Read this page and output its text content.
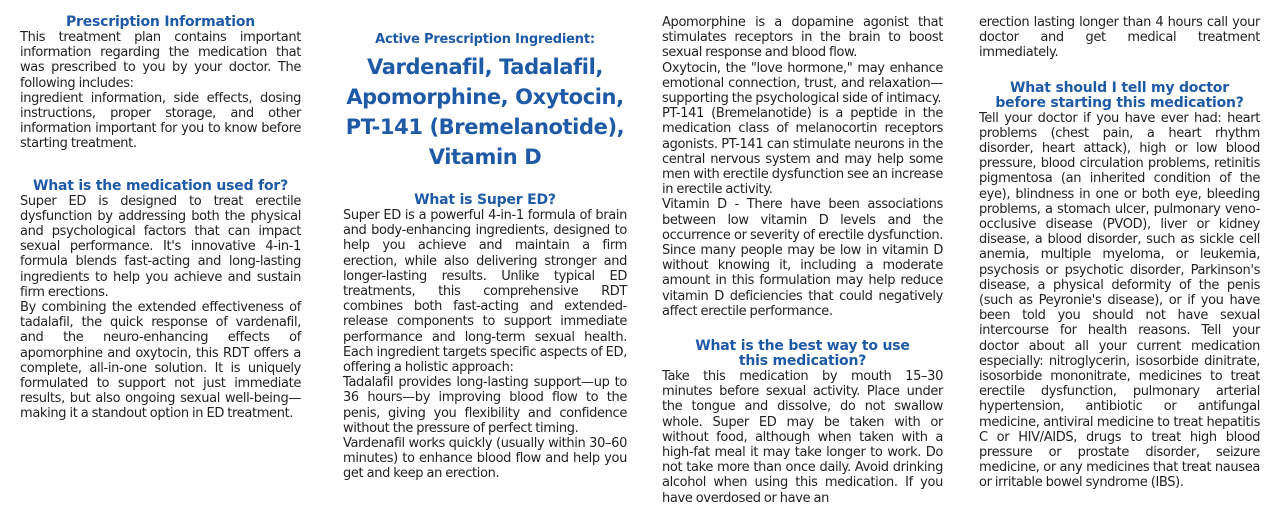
Prescription Information

This treatment plan contains important information regarding the medication that was prescribed to you by your doctor. The following includes:

ingredient information, side effects, dosing instructions, proper storage, and other information important for you to know before starting treatment.

What is the medication used for?

Super ED is designed to treat erectile dysfunction by addressing both the physical and psychological factors that can impact sexual performance. It's innovative 4-in-1 formula blends fast-acting and long-lasting ingredients to help you achieve and sustain firm erections.

By combining the extended effectiveness of tadalafil, the quick response of vardenafil, and the neuro-enhancing effects of apomorphine and oxytocin, this RDT offers a complete, all-in-one solution. It is uniquely formulated to support not just immediate results, but also ongoing sexual well-being—making it a standout option in ED treatment.

Active Prescription Ingredient:

Vardenafil, Tadalafil,

Apomorphine, Oxytocin,

PT-141 (Bremelanotide),

Vitamin D

What is Super ED?

Super ED is a powerful 4-in-1 formula of brain and body-enhancing ingredients, designed to help you achieve and maintain a firm erection, while also delivering stronger and longer-lasting results. Unlike typical ED treatments, this comprehensive RDT combines both fast-acting and extended-release components to support immediate performance and long-term sexual health. Each ingredient targets specific aspects of ED, offering a holistic approach:

Tadalafil provides long-lasting support—up to 36 hours—by improving blood flow to the penis, giving you flexibility and confidence without the pressure of perfect timing.

Vardenafil works quickly (usually within 30–60 minutes) to enhance blood flow and help you get and keep an erection.

Apomorphine is a dopamine agonist that stimulates receptors in the brain to boost sexual response and blood flow.

Oxytocin, the "love hormone," may enhance emotional connection, trust, and relaxation—supporting the psychological side of intimacy.

PT-141 (Bremelanotide) is a peptide in the medication class of melanocortin receptors agonists. PT-141 can stimulate neurons in the central nervous system and may help some men with erectile dysfunction see an increase in erectile activity.

Vitamin D - There have been associations between low vitamin D levels and the occurrence or severity of erectile dysfunction. Since many people may be low in vitamin D without knowing it, including a moderate amount in this formulation may help reduce vitamin D deficiencies that could negatively affect erectile performance.

What is the best way to use this medication?

Take this medication by mouth 15–30 minutes before sexual activity. Place under the tongue and dissolve, do not swallow whole. Super ED may be taken with or without food, although when taken with a high-fat meal it may take longer to work. Do not take more than once daily. Avoid drinking alcohol when using this medication. If you have overdosed or have an

erection lasting longer than 4 hours call your doctor and get medical treatment immediately.

What should I tell my doctor before starting this medication?

Tell your doctor if you have ever had: heart problems (chest pain, a heart rhythm disorder, heart attack), high or low blood pressure, blood circulation problems, retinitis pigmentosa (an inherited condition of the eye), blindness in one or both eye, bleeding problems, a stomach ulcer, pulmonary veno-occlusive disease (PVOD), liver or kidney disease, a blood disorder, such as sickle cell anemia, multiple myeloma, or leukemia, psychosis or psychotic disorder, Parkinson's disease, a physical deformity of the penis (such as Peyronie's disease), or if you have been told you should not have sexual intercourse for health reasons. Tell your doctor about all your current medication especially: nitroglycerin, isosorbide dinitrate, isosorbide mononitrate, medicines to treat erectile dysfunction, pulmonary arterial hypertension, antibiotic or antifungal medicine, antiviral medicine to treat hepatitis C or HIV/AIDS, drugs to treat high blood pressure or prostate disorder, seizure medicine, or any medicines that treat nausea or irritable bowel syndrome (IBS).
